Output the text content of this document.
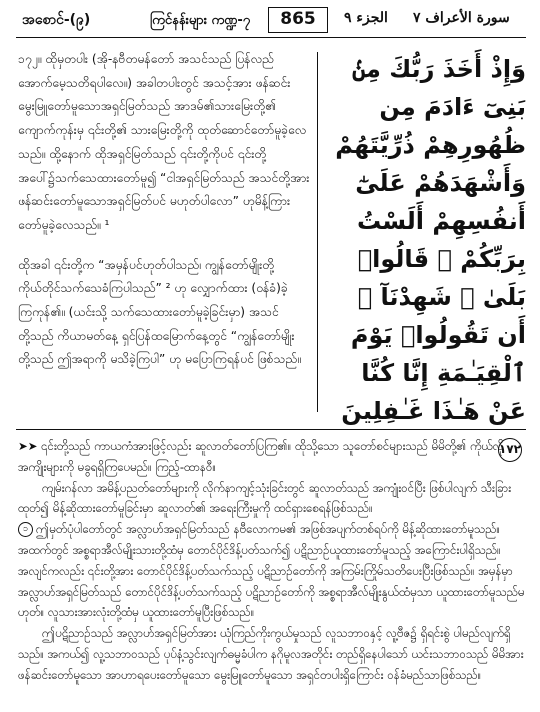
အစောင်-(၉)	ကြင်နန်းများ ကဏ္ဍ-၇	865	الجزء ٩ سورة الأعراف ٧

၁၇၂။ ထိုမှတပါး (အို-နဗီတမန်တော် အသင်သည် ပြန်လည်အောက်မေ့သတိရပါလေ။) အခါတပါးတွင် အသင့်အား ဖန်ဆင်းမွေးမြူတော်မူသောအရှင်မြတ်သည် အာဒမ်၏သားမြေးတို့၏ ကျောက်ကုန်းမှ ၎င်းတို့၏ သားမြေးတို့ကို ထုတ်ဆောင်တော်မူခဲ့လေသည်။ ထို့နောက် ထိုအရှင်မြတ်သည် ၎င်းတို့ကိုပင် ၎င်းတို့အပေါ်၌သက်သေထားတော်မူ၍ “ငါအရှင်မြတ်သည် အသင်တို့အား ဖန်ဆင်းတော်မူသောအရှင်မြတ်ပင် မဟုတ်ပါလော” ဟုမိန့်ကြားတော်မူခဲ့လေသည်။ ¹

ထိုအခါ ၎င်းတို့က “အမှန်ပင်ဟုတ်ပါသည်၊ ကျွန်တော်မျိုးတို့ကိုယ်တိုင်သက်သေခံကြပါသည်” ² ဟု လျှောက်ထား (ဝန်ခံ)ခဲ့ကြကုန်၏။ (ယင်းသို့ သက်သေထားတော်မူခဲ့ခြင်းမှာ) အသင်တို့သည် ကိယာမတ်နေ့ ရှင်ပြန်ထမြောက်နေ့တွင် “ကျွန်တော်မျိုးတို့သည် ဤအရာကို မသိခဲ့ကြပါ” ဟု မပြောကြရန်ပင် ဖြစ်သည်။

وَإِذْ أَخَذَ رَبُّكَ مِنۢ بَنِىٓ ءَادَمَ مِن ظُهُورِهِمْ ذُرِّيَّتَهُمْ وَأَشْهَدَهُمْ عَلَىٰٓ أَنفُسِهِمْ أَلَسْتُ بِرَبِّكُمْ ۖ قَالُوا۟ بَلَىٰ ۛ شَهِدْنَآ ۛ أَن تَقُولُوا۟ يَوْمَ ٱلْقِيَـٰمَةِ إِنَّا كُنَّا عَنْ هَـٰذَا غَـٰفِلِينَ ١٧٢

➤➤ ၎င်းတို့သည် ကာယကံအားဖြင့်လည်း ဆူလာတ်တော်ပြကြ၏။ ထိုသို့သော သူတော်စင်များသည် မိမိတို့၏ ကိုယ်လိုအကျိုးများကို မခွရရှိကြပေမည်။ ကြည့်-ထာနဝီ။

ကျမ်းဂန်လာ အမိန့်ပညတ်တော်များကို လိုက်နာကျင့်သုံးခြင်းတွင် ဆူလာတ်သည် အကျုံးဝင်ပြီး ဖြစ်ပါလျက် သီးခြားထုတ်၍ မိန့်ဆိုထားတော်မူခြင်းမှာ ဆူလာတ်၏ အရေးကြီးမှုကို ထင်ရှားစေရန်ဖြစ်သည်။

၁ ဤမှတ်ပုံပါတော်တွင် အလ္လာဟ်အရှင်မြတ်သည် နဗီလောကမ၏ အဖြစ်အပျက်တစ်ရပ်ကို မိန့်ဆိုထားတော်မူသည်။ အထက်တွင် အစ္စရာအီလ်မျိုးသားတို့ထံမှ တောင်ပိုင်ဒိန့်ပတ်သက်၍ ပဋိညာဉ်ယူထားတော်မူသည့် အကြောင်းပါရှိသည်။ အလျင်ကလည်း ၎င်းတို့အား တောင်ပိုင်ဒိန့်ပတ်သက်သည့် ပဋိညာဉ်တော်ကို အကြမ်းကြိုမ်သတိပေးပြီးဖြစ်သည်။ အမှန်မှာ အလ္လာဟ်အရှင်မြတ်သည် တောင်ပိုင်ဒိန့်ပတ်သက်သည့် ပဋိညာဉ်တော်ကို အစ္စရာအီလ်မျိုးနွယ်ထံမှသာ ယူထားတော်မူသည်မဟုတ်။ လူသားအားလုံးတို့ထံမှ ယူထားတော်မူပြီးဖြစ်သည်။

ဤပဋိညာဉ်သည် အလ္လာဟ်အရှင်မြတ်အား ယုံကြည်ကိုးကွယ်မှုသည် လူသဘာဝနှင့် လူ့ဗီဇ၌ ရှိရင်းစွဲ ပါမည်လျက်ရှိသည်။ အကယ်၍ လူ့သဘာဝသည် ပုပ်နံ့သွင်းလျက်ဓမ္မခံပါက နဂိုမူလအတိုင်း တည်ရှိနေပါသော် ယင်းသဘာဝသည် မိမိအားဖန်ဆင်းတော်မူသော အာဟာရပေးတော်မူသော မွေးမြူတော်မူသော အရှင်တပါးရှိကြောင်း ဝန်ခံမည်သာဖြစ်သည်။
